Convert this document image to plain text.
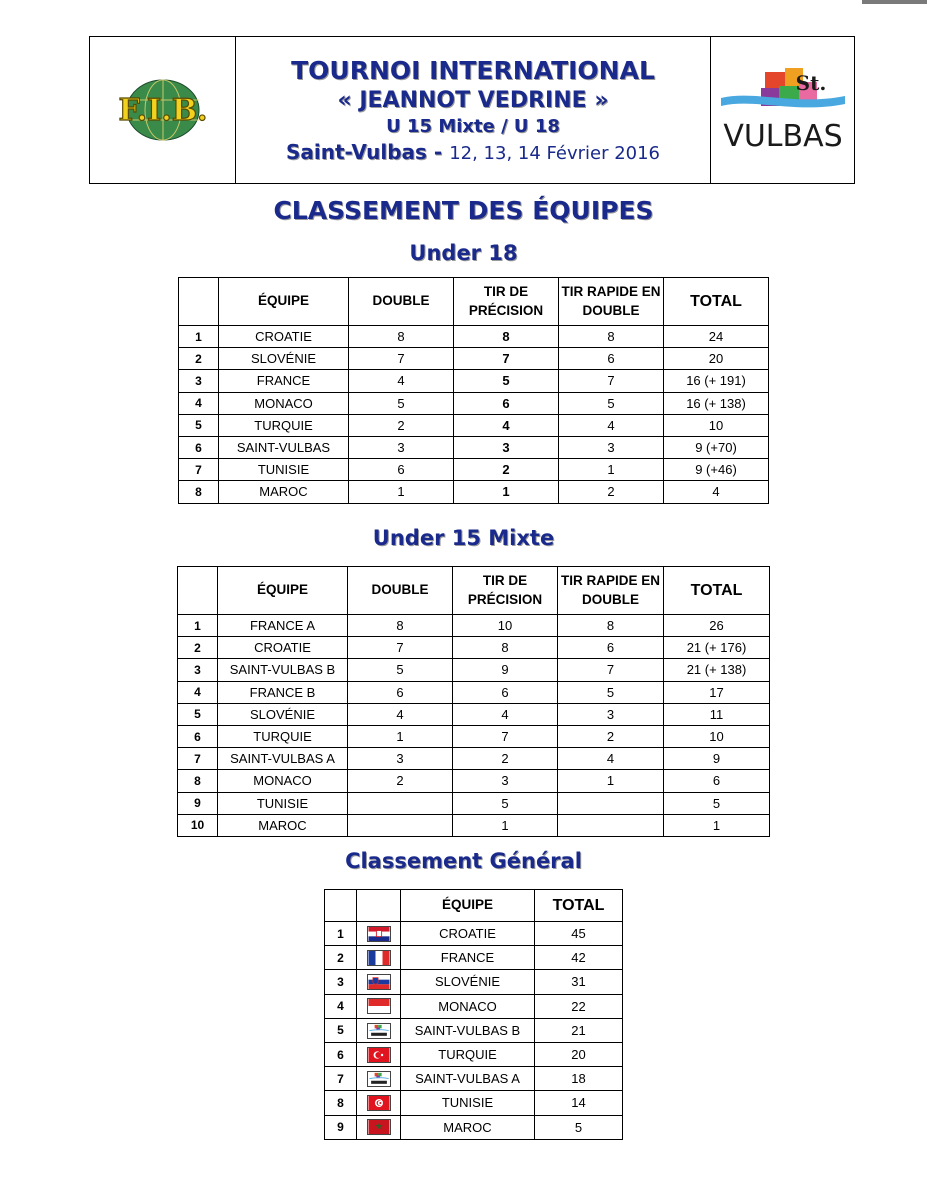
F.I.B.
TOURNOI INTERNATIONAL
« JEANNOT VEDRINE »
U 15 Mixte / U 18
Saint-Vulbas - 12, 13, 14 Février 2016
St.
VULBAS
CLASSEMENT DES ÉQUIPES
Under 18
	ÉQUIPE	DOUBLE	TIR DE PRÉCISION	TIR RAPIDE EN DOUBLE	TOTAL
1	CROATIE	8	8	8	24
2	SLOVÉNIE	7	7	6	20
3	FRANCE	4	5	7	16 (+ 191)
4	MONACO	5	6	5	16 (+ 138)
5	TURQUIE	2	4	4	10
6	SAINT-VULBAS	3	3	3	9 (+70)
7	TUNISIE	6	2	1	9 (+46)
8	MAROC	1	1	2	4
Under 15 Mixte
	ÉQUIPE	DOUBLE	TIR DE PRÉCISION	TIR RAPIDE EN DOUBLE	TOTAL
1	FRANCE A	8	10	8	26
2	CROATIE	7	8	6	21 (+ 176)
3	SAINT-VULBAS B	5	9	7	21 (+ 138)
4	FRANCE B	6	6	5	17
5	SLOVÉNIE	4	4	3	11
6	TURQUIE	1	7	2	10
7	SAINT-VULBAS A	3	2	4	9
8	MONACO	2	3	1	6
9	TUNISIE		5		5
10	MAROC		1		1
Classement Général
		ÉQUIPE	TOTAL
1		CROATIE	45
2		FRANCE	42
3		SLOVÉNIE	31
4		MONACO	22
5		SAINT-VULBAS B	21
6		TURQUIE	20
7		SAINT-VULBAS A	18
8		TUNISIE	14
9		MAROC	5
